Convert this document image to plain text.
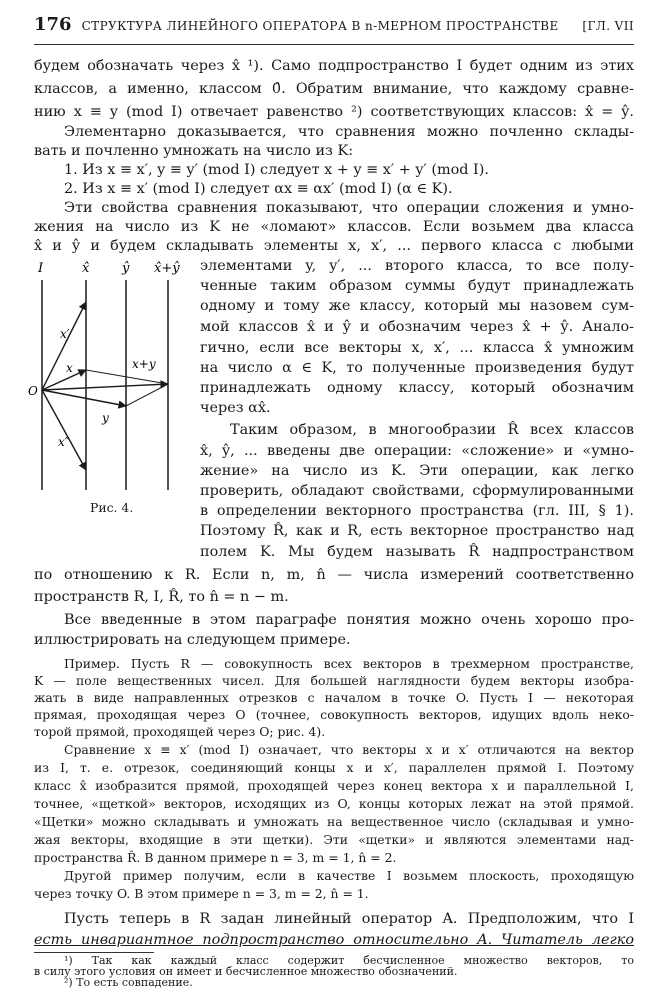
176 СТРУКТУРА ЛИНЕЙНОГО ОПЕРАТОРА В n-МЕРНОМ ПРОСТРАНСТВЕ	[ГЛ. VII
будем обозначать через x̂ ¹). Само подпространство I будет одним из этих
классов, а именно, классом 0̂. Обратим внимание, что каждому сравне-
нию x ≡ y (mod I) отвечает равенство ²) соответствующих классов: x̂ = ŷ.
Элементарно доказывается, что сравнения можно почленно склады-
вать и почленно умножать на число из K:
1. Из x ≡ x′, y ≡ y′ (mod I) следует x + y ≡ x′ + y′ (mod I).
2. Из x ≡ x′ (mod I) следует αx ≡ αx′ (mod I) (α ∈ K).
Эти свойства сравнения показывают, что операции сложения и умно-
жения на число из K не «ломают» классов. Если возьмем два класса
x̂ и ŷ и будем складывать элементы x, x′, ... первого класса с любыми
элементами y, y′, ... второго класса, то все полу-
ченные таким образом суммы будут принадлежать
одному и тому же классу, который мы назовем сум-
мой классов x̂ и ŷ и обозначим через x̂ + ŷ. Анало-
гично, если все векторы x, x′, ... класса x̂ умножим
на число α ∈ K, то полученные произведения будут
принадлежать одному классу, который обозначим
через αx̂.
Таким образом, в многообразии R̂ всех классов
x̂, ŷ, ... введены две операции: «сложение» и «умно-
жение» на число из K. Эти операции, как легко
проверить, обладают свойствами, сформулированными
в определении векторного пространства (гл. III, § 1).
Поэтому R̂, как и R, есть векторное пространство над
полем K. Мы будем называть R̂ надпространством
по отношению к R. Если n, m, n̂ — числа измерений соответственно
пространств R, I, R̂, то n̂ = n − m.
Все введенные в этом параграфе понятия можно очень хорошо про-
иллюстрировать на следующем примере.
Пример. Пусть R — совокупность всех векторов в трехмерном пространстве,
K — поле вещественных чисел. Для большей наглядности будем векторы изобра-
жать в виде направленных отрезков с началом в точке O. Пусть I — некоторая
прямая, проходящая через O (точнее, совокупность векторов, идущих вдоль неко-
торой прямой, проходящей через O; рис. 4).
Сравнение x ≡ x′ (mod I) означает, что векторы x и x′ отличаются на вектор
из I, т. е. отрезок, соединяющий концы x и x′, параллелен прямой I. Поэтому
класс x̂ изобразится прямой, проходящей через конец вектора x и параллельной I,
точнее, «щеткой» векторов, исходящих из O, концы которых лежат на этой прямой.
«Щетки» можно складывать и умножать на вещественное число (складывая и умно-
жая векторы, входящие в эти щетки). Эти «щетки» и являются элементами над-
пространства R̂. В данном примере n = 3, m = 1, n̂ = 2.
Другой пример получим, если в качестве I возьмем плоскость, проходящую
через точку O. В этом примере n = 3, m = 2, n̂ = 1.
Пусть теперь в R задан линейный оператор A. Предположим, что I
есть инвариантное подпространство относительно A. Читатель легко
¹) Так как каждый класс содержит бесчисленное множество векторов, то
в силу этого условия он имеет и бесчисленное множество обозначений.
²) То есть совпадение.
I	x̂	ŷ x̂+ŷ
x′
x	x+y
y
x″
O
Рис. 4.
